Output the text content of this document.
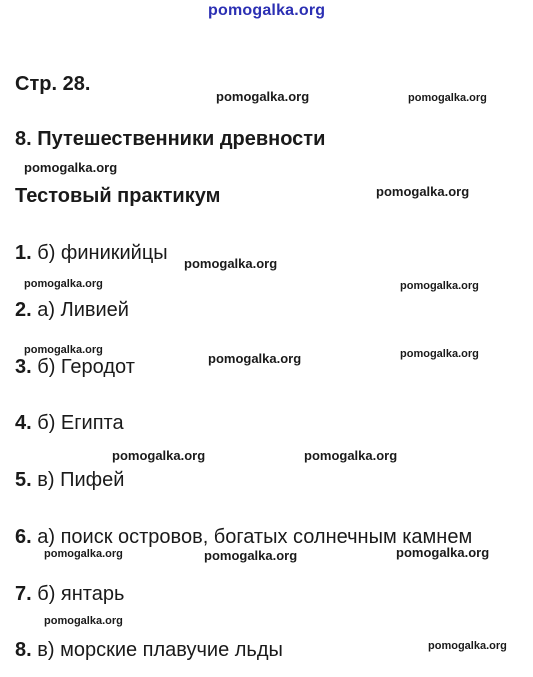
pomogalka.org
Стр. 28.
8. Путешественники древности
Тестовый практикум
1. б) финикийцы
2. а) Ливией
3. б) Геродот
4. б) Египта
5. в) Пифей
6. а) поиск островов, богатых солнечным камнем
7. б) янтарь
8. в) морские плавучие льды
pomogalka.org	pomogalka.org
pomogalka.org
pomogalka.org
pomogalka.org
pomogalka.org	pomogalka.org
pomogalka.org
pomogalka.org	pomogalka.org
pomogalka.org	pomogalka.org
pomogalka.org	pomogalka.org	pomogalka.org
pomogalka.org
pomogalka.org
